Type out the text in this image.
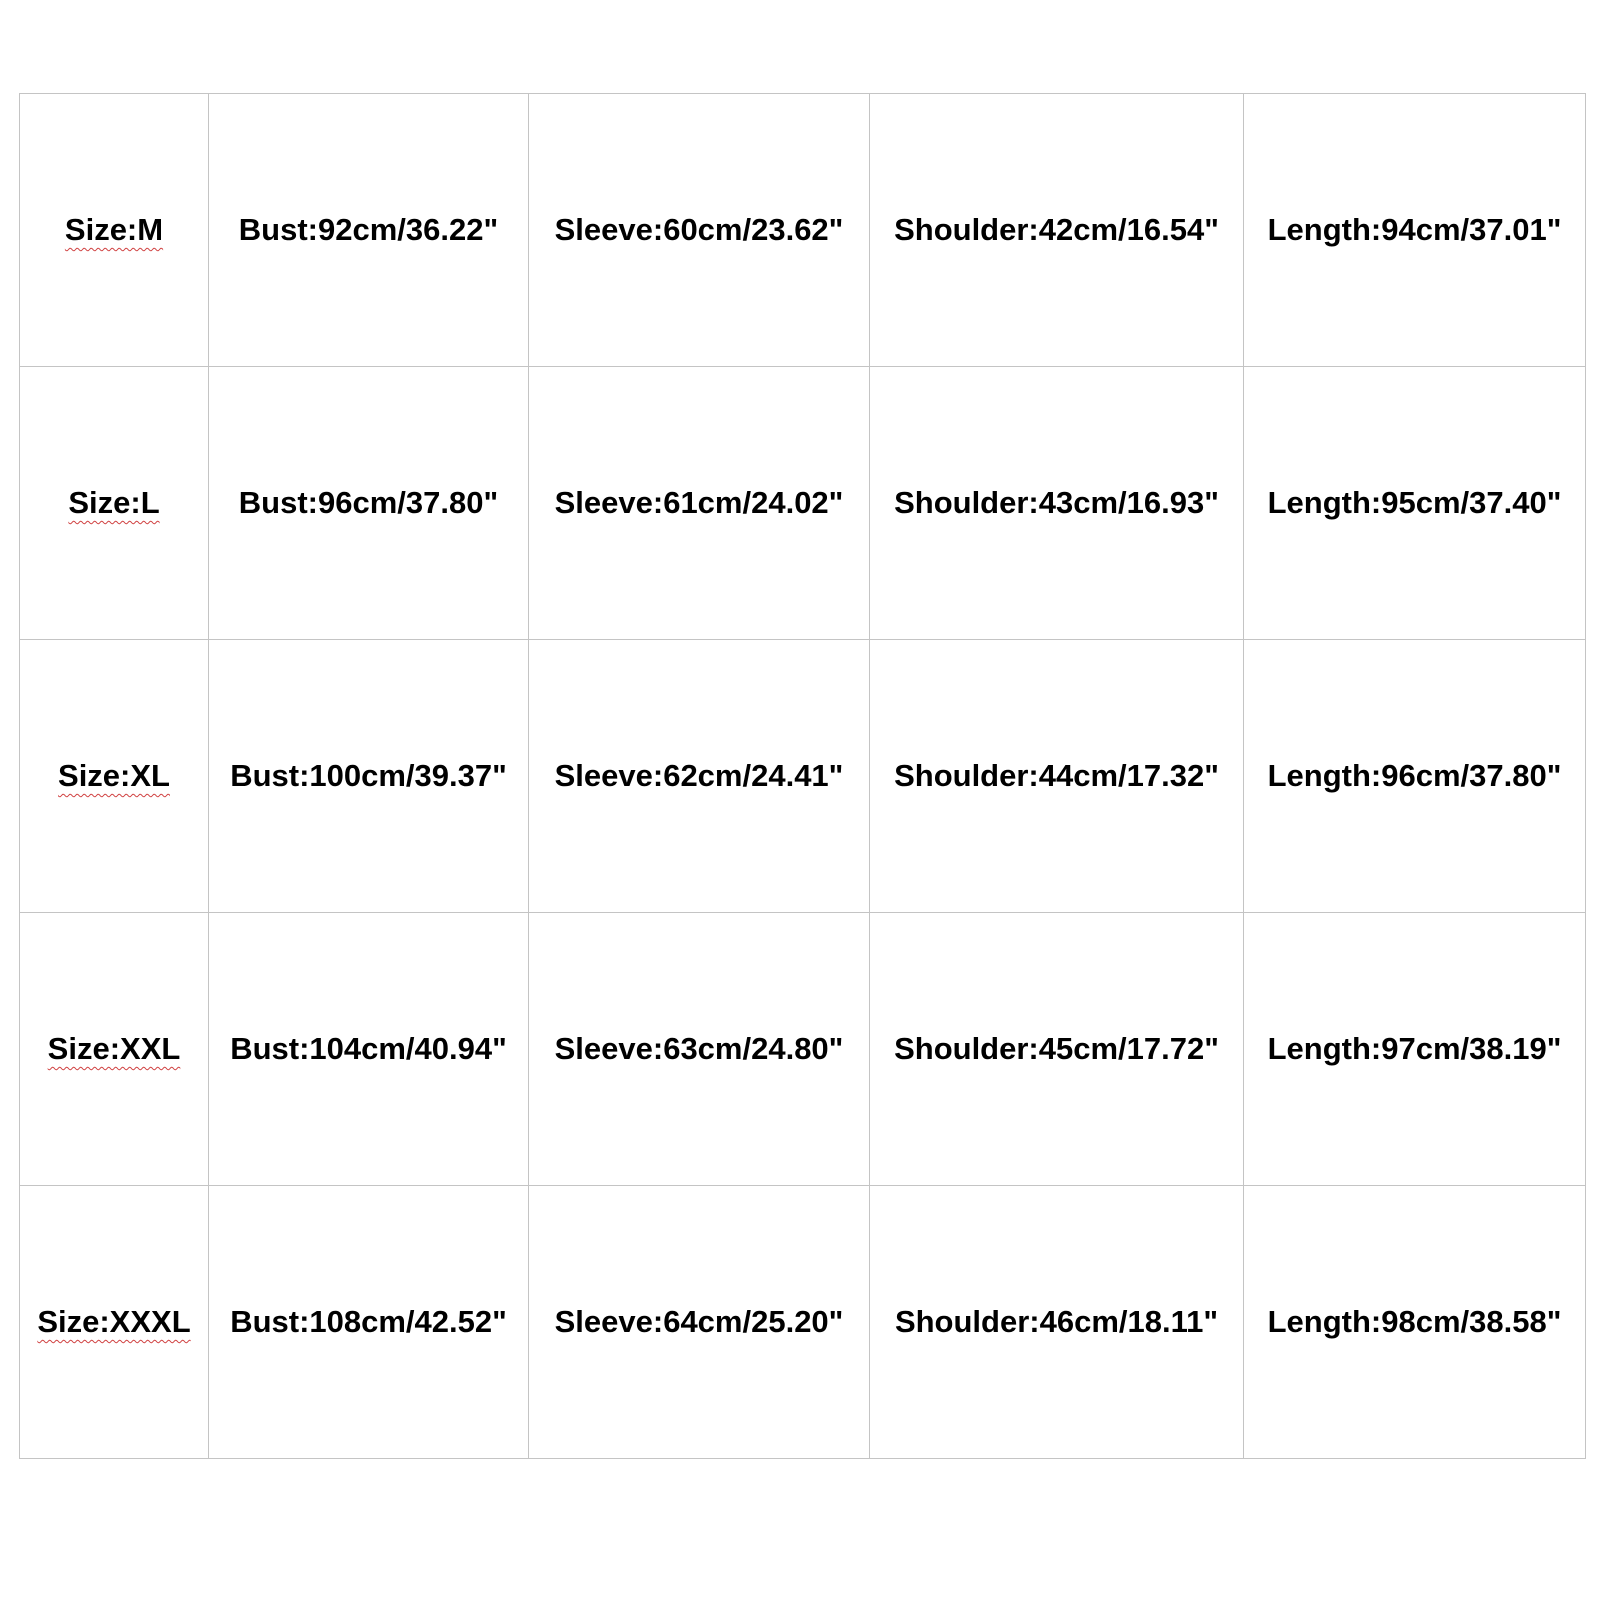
Size:M	Bust:92cm/36.22"	Sleeve:60cm/23.62"	Shoulder:42cm/16.54"	Length:94cm/37.01"
Size:L	Bust:96cm/37.80"	Sleeve:61cm/24.02"	Shoulder:43cm/16.93"	Length:95cm/37.40"
Size:XL	Bust:100cm/39.37"	Sleeve:62cm/24.41"	Shoulder:44cm/17.32"	Length:96cm/37.80"
Size:XXL	Bust:104cm/40.94"	Sleeve:63cm/24.80"	Shoulder:45cm/17.72"	Length:97cm/38.19"
Size:XXXL	Bust:108cm/42.52"	Sleeve:64cm/25.20"	Shoulder:46cm/18.11"	Length:98cm/38.58"
